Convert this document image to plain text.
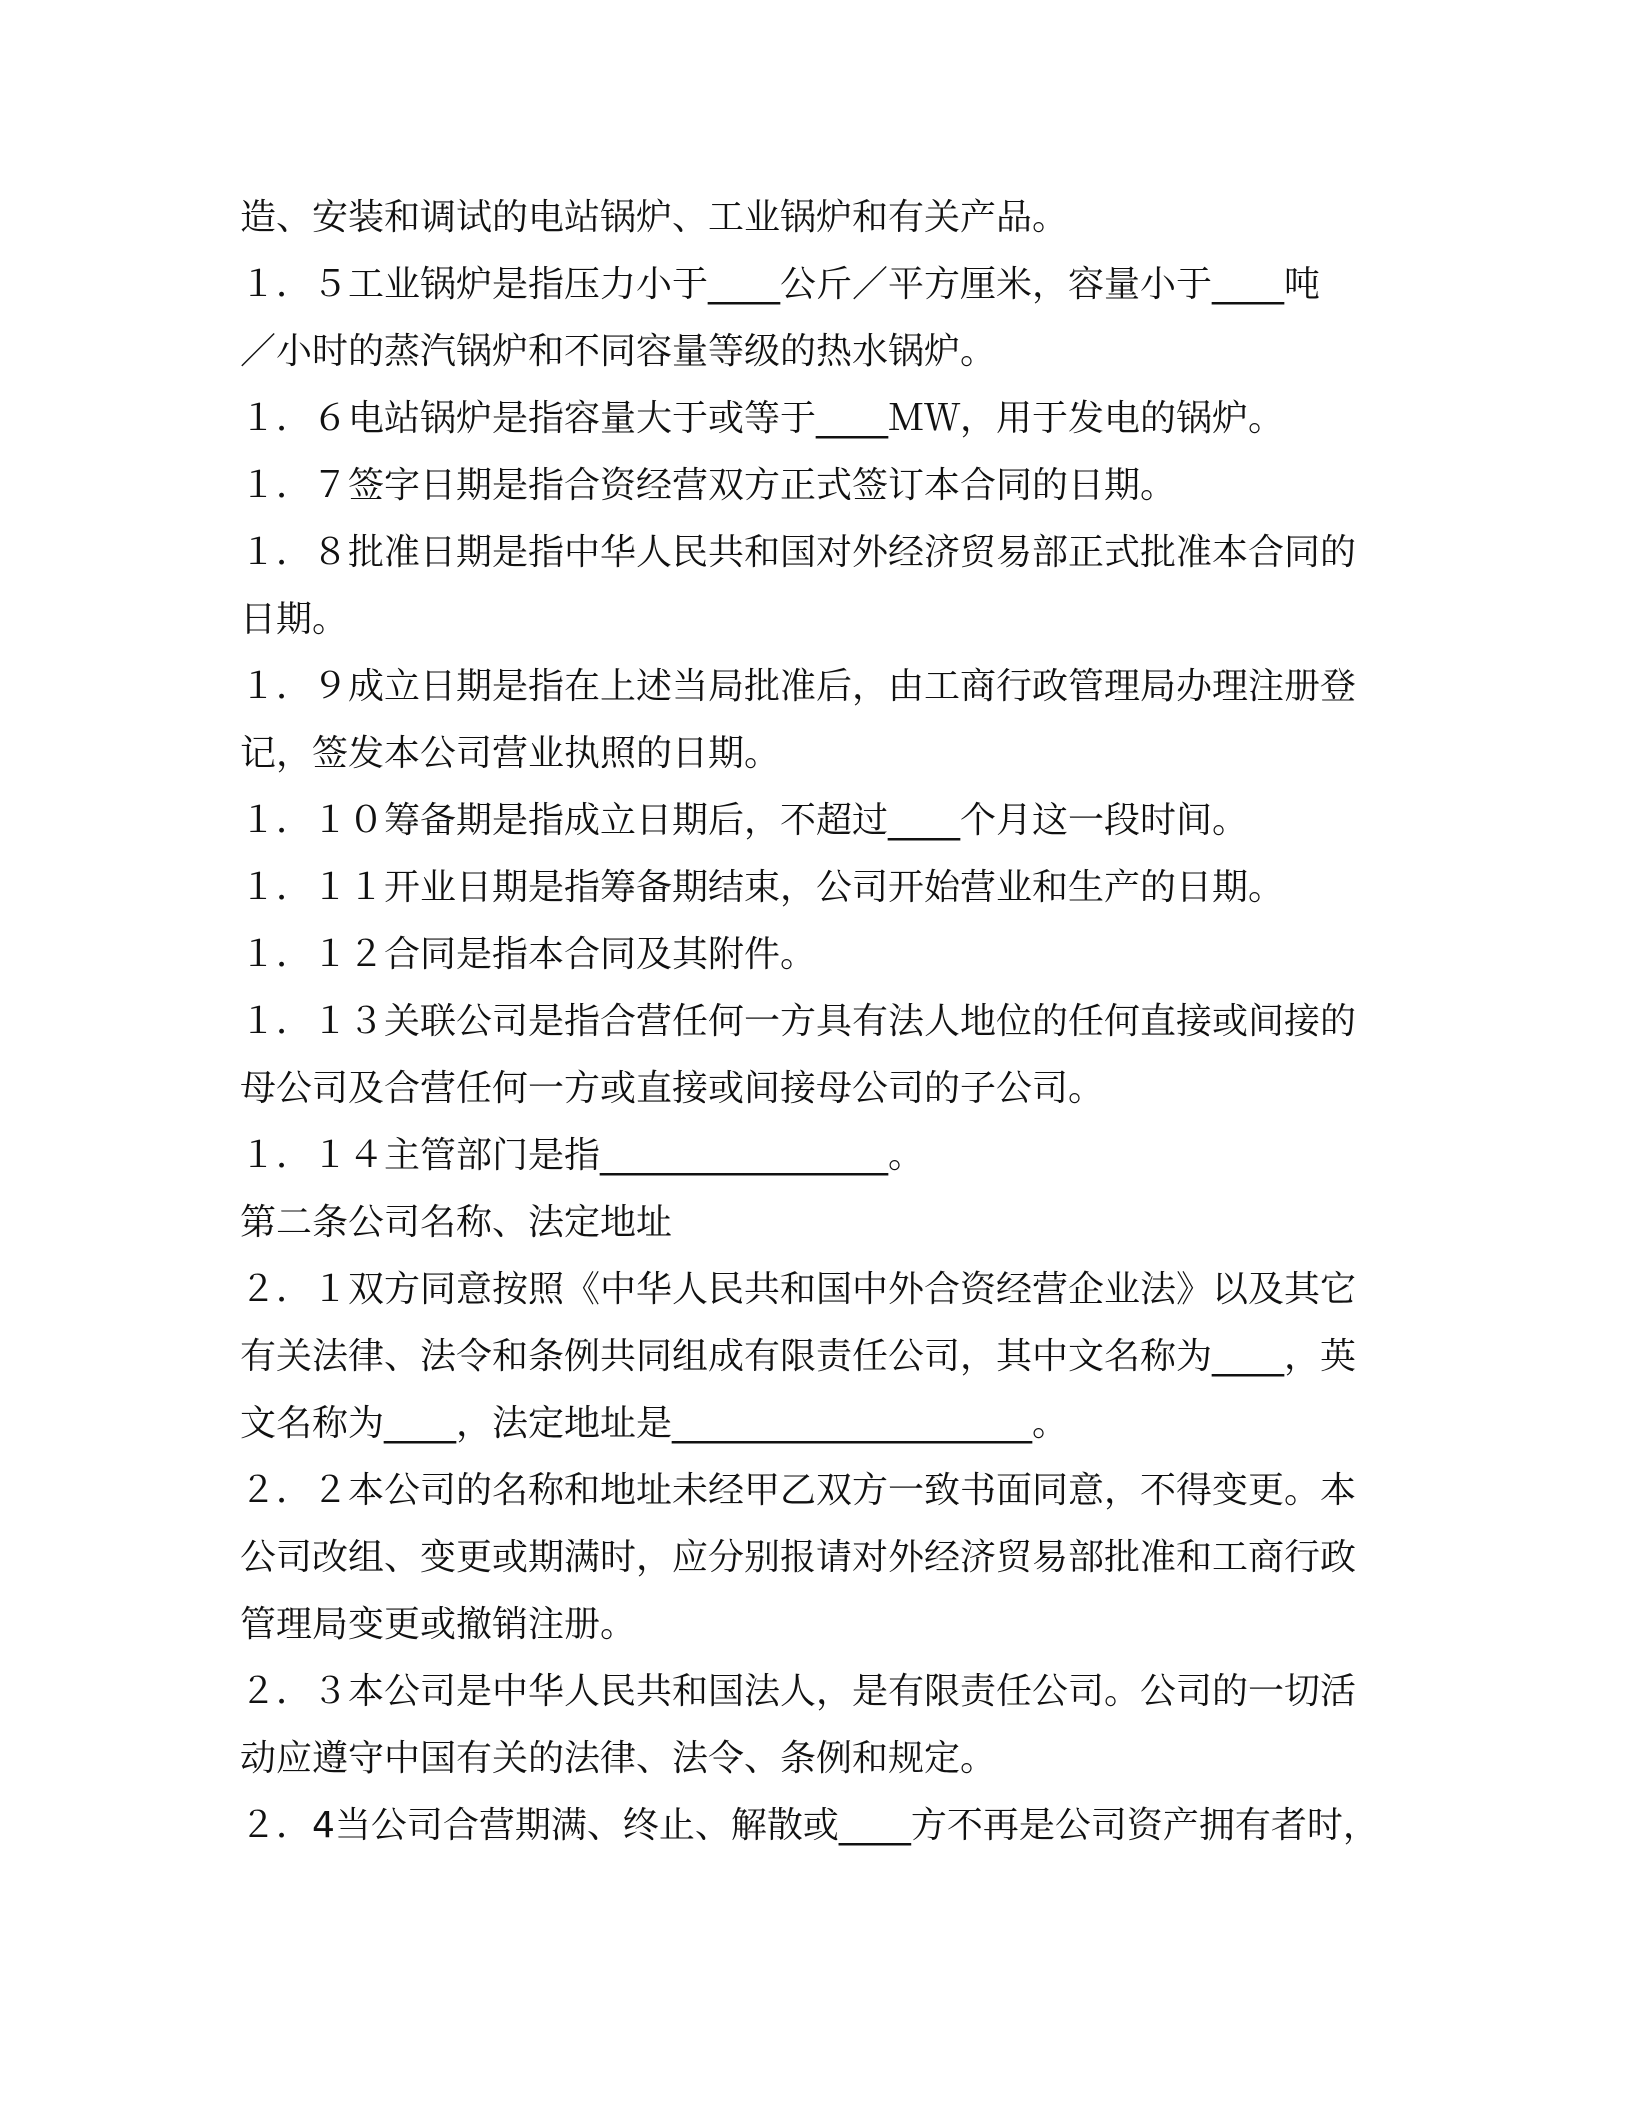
造、安装和调试的电站锅炉、工业锅炉和有关产品。
１．５工业锅炉是指压力小于____公斤／平方厘米，容量小于____吨
／小时的蒸汽锅炉和不同容量等级的热水锅炉。
１．６电站锅炉是指容量大于或等于____ＭＷ，用于发电的锅炉。
１．７签字日期是指合资经营双方正式签订本合同的日期。
１．８批准日期是指中华人民共和国对外经济贸易部正式批准本合同的
日期。
１．９成立日期是指在上述当局批准后，由工商行政管理局办理注册登
记，签发本公司营业执照的日期。
１．１０筹备期是指成立日期后，不超过____个月这一段时间。
１．１１开业日期是指筹备期结束，公司开始营业和生产的日期。
１．１２合同是指本合同及其附件。
１．１３关联公司是指合营任何一方具有法人地位的任何直接或间接的
母公司及合营任何一方或直接或间接母公司的子公司。
１．１４主管部门是指________________。
第二条公司名称、法定地址
２．１双方同意按照《中华人民共和国中外合资经营企业法》以及其它
有关法律、法令和条例共同组成有限责任公司，其中文名称为____，英
文名称为____，法定地址是____________________。
２．２本公司的名称和地址未经甲乙双方一致书面同意，不得变更。本
公司改组、变更或期满时，应分别报请对外经济贸易部批准和工商行政
管理局变更或撤销注册。
２．３本公司是中华人民共和国法人，是有限责任公司。公司的一切活
动应遵守中国有关的法律、法令、条例和规定。
２．4当公司合营期满、终止、解散或____方不再是公司资产拥有者时，
